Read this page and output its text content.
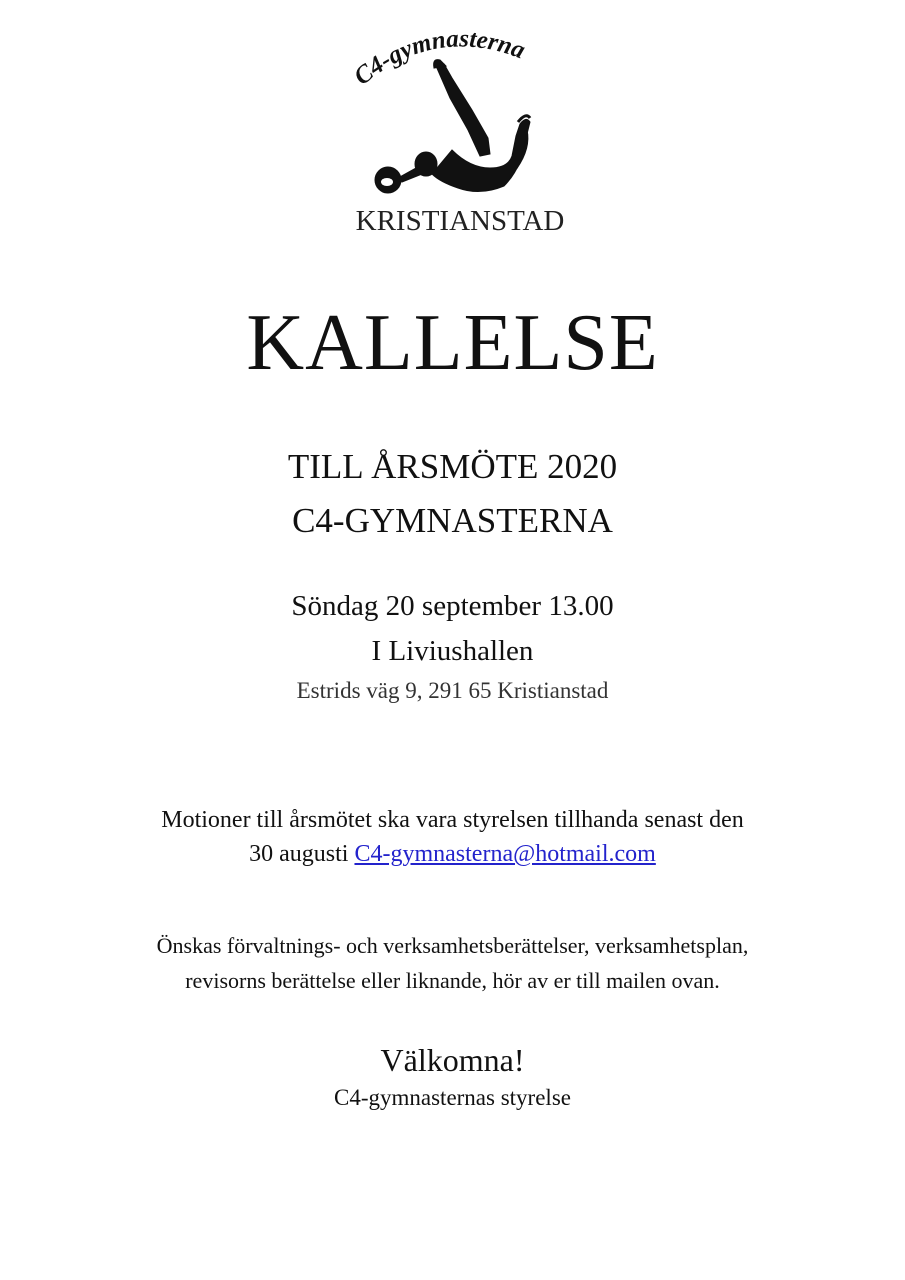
C4-gymnasterna
KRISTIANSTAD
KALLELSE
TILL ÅRSMÖTE 2020
C4-GYMNASTERNA
Söndag 20 september 13.00
I Liviushallen
Estrids väg 9, 291 65 Kristianstad
Motioner till årsmötet ska vara styrelsen tillhanda senast den
30 augusti C4-gymnasterna@hotmail.com
Önskas förvaltnings- och verksamhetsberättelser, verksamhetsplan,
revisorns berättelse eller liknande, hör av er till mailen ovan.
Välkomna!
C4-gymnasternas styrelse
